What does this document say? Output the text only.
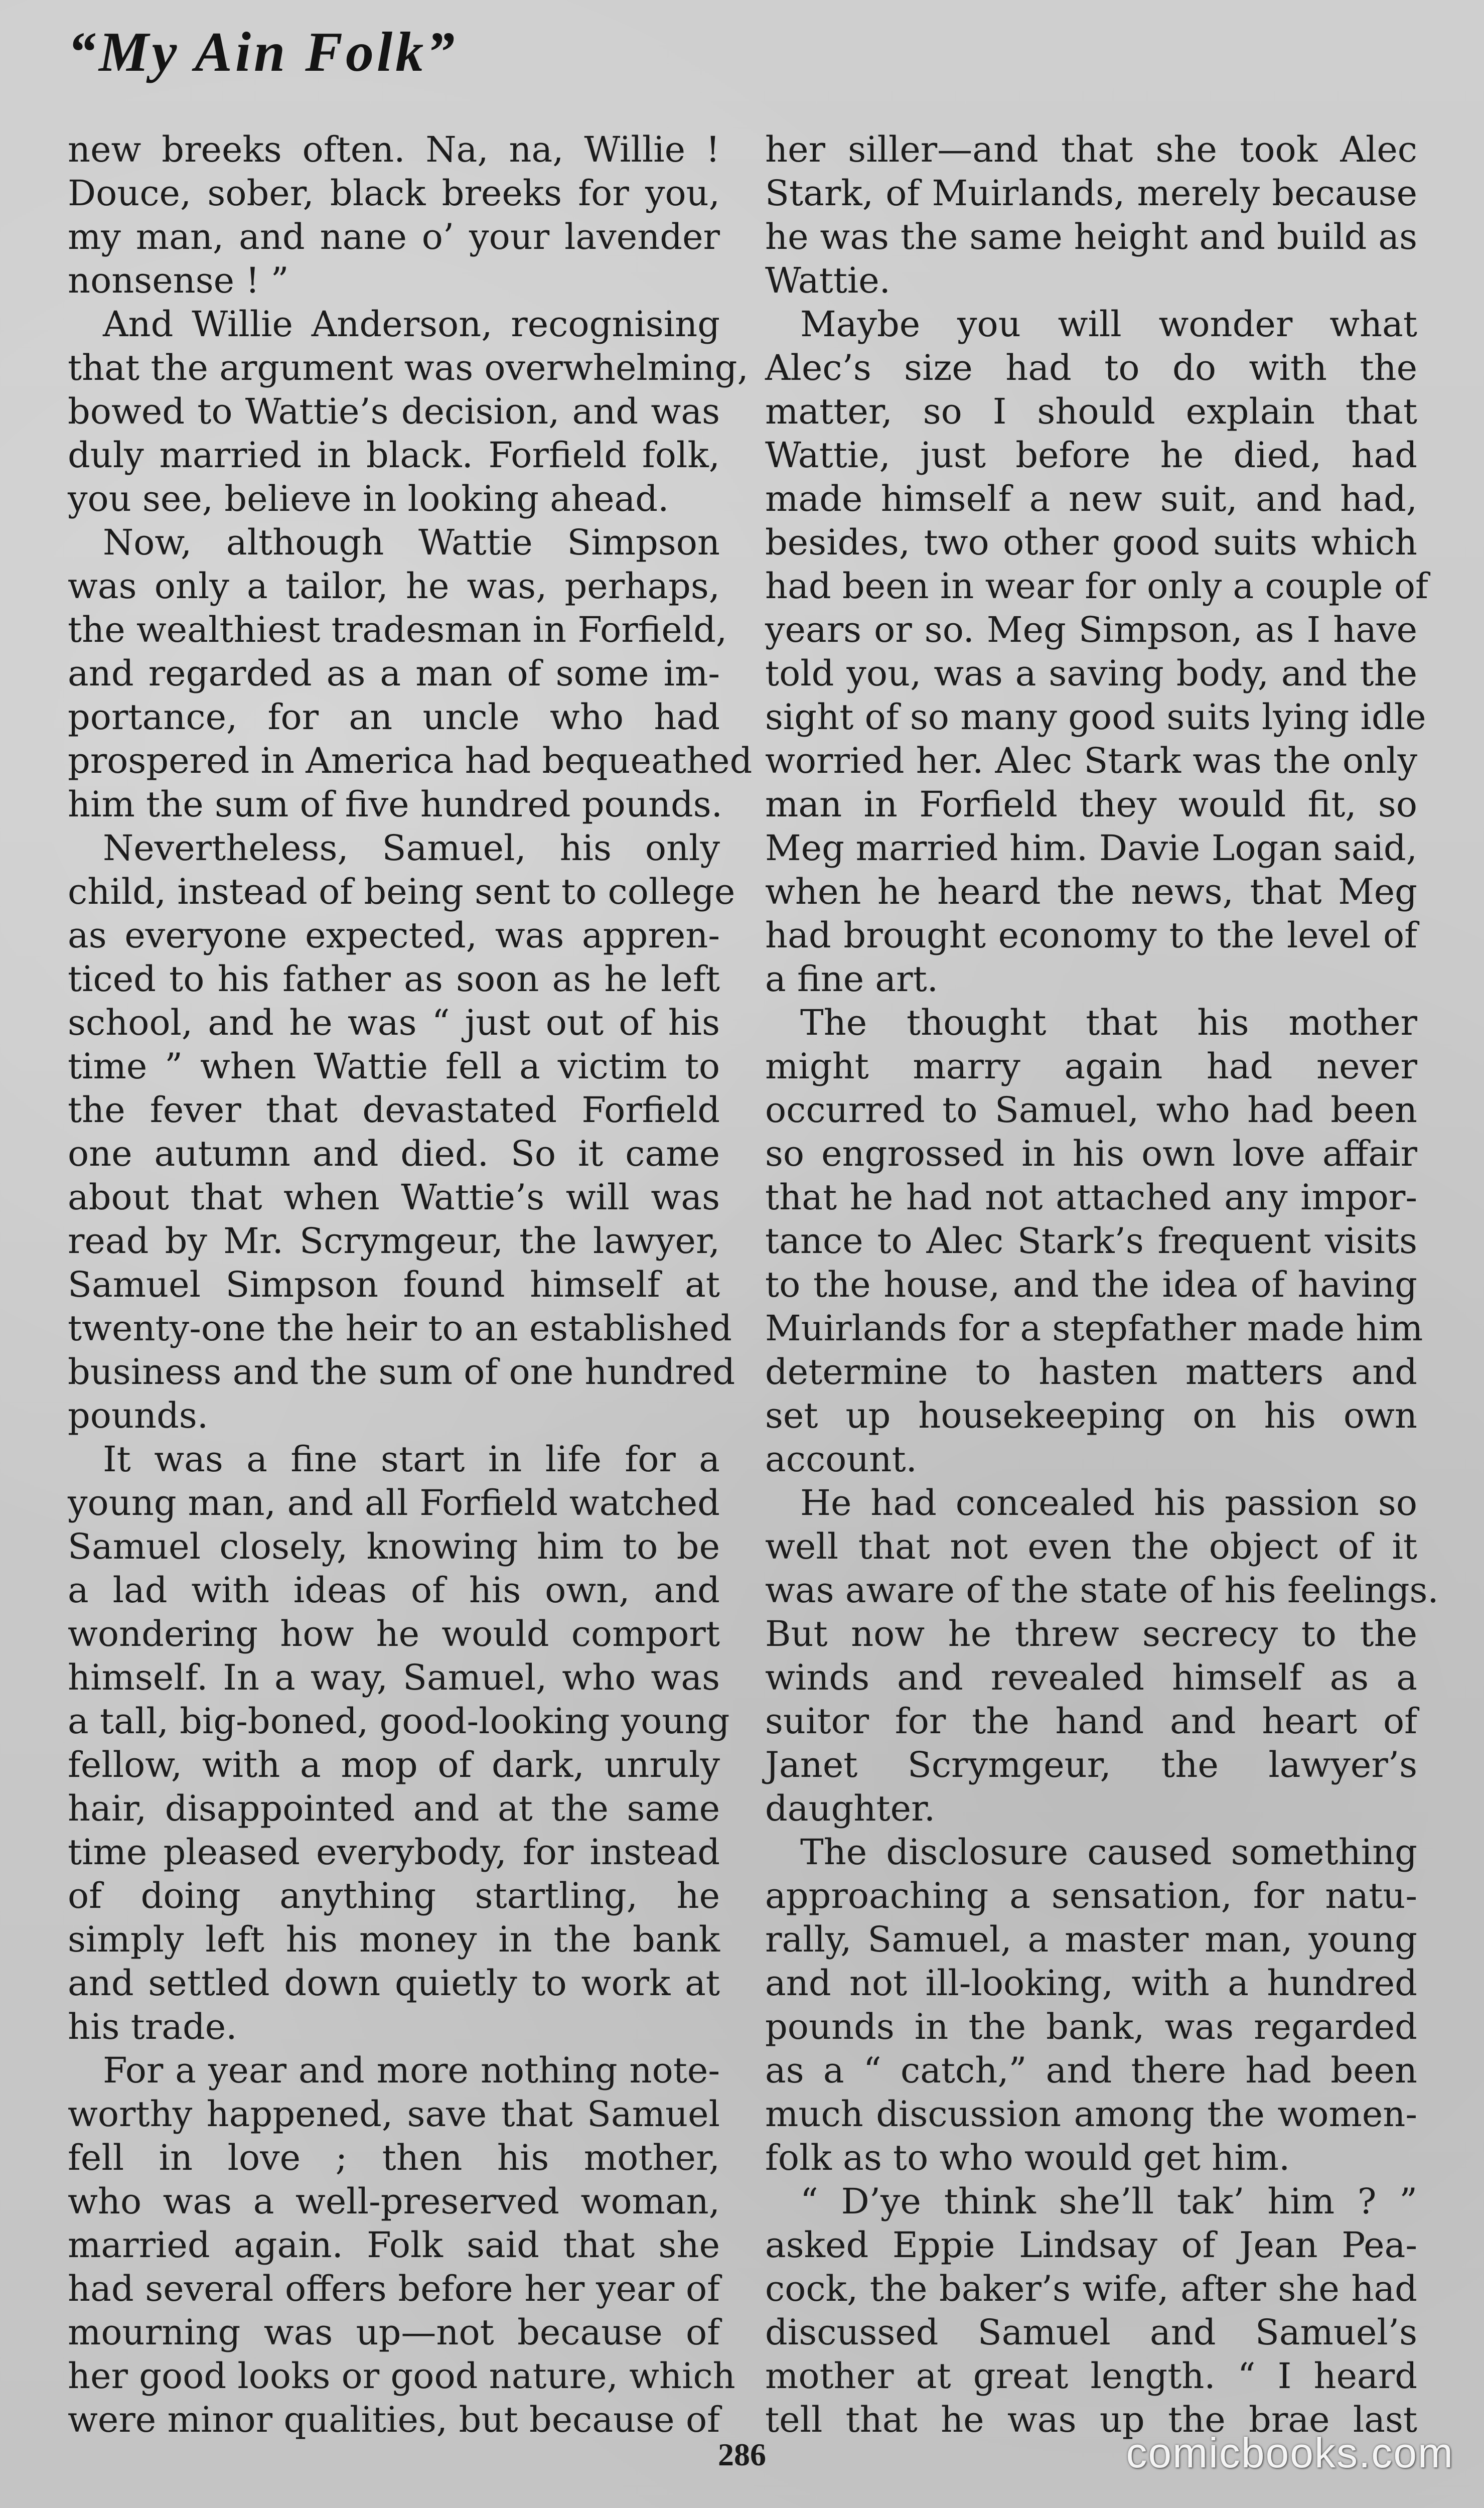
“My Ain Folk”
new breeks often. Na, na, Willie !
Douce, sober, black breeks for you,
my man, and nane o’ your lavender
nonsense ! ”
 And Willie Anderson, recognising
that the argument was overwhelming,
bowed to Wattie’s decision, and was
duly married in black. Forfield folk,
you see, believe in looking ahead.
 Now, although Wattie Simpson
was only a tailor, he was, perhaps,
the wealthiest tradesman in Forfield,
and regarded as a man of some im-
portance, for an uncle who had
prospered in America had bequeathed
him the sum of five hundred pounds.
 Nevertheless, Samuel, his only
child, instead of being sent to college
as everyone expected, was appren-
ticed to his father as soon as he left
school, and he was “ just out of his
time ” when Wattie fell a victim to
the fever that devastated Forfield
one autumn and died. So it came
about that when Wattie’s will was
read by Mr. Scrymgeur, the lawyer,
Samuel Simpson found himself at
twenty-one the heir to an established
business and the sum of one hundred
pounds.
 It was a fine start in life for a
young man, and all Forfield watched
Samuel closely, knowing him to be
a lad with ideas of his own, and
wondering how he would comport
himself. In a way, Samuel, who was
a tall, big-boned, good-looking young
fellow, with a mop of dark, unruly
hair, disappointed and at the same
time pleased everybody, for instead
of doing anything startling, he
simply left his money in the bank
and settled down quietly to work at
his trade.
 For a year and more nothing note-
worthy happened, save that Samuel
fell in love ; then his mother,
who was a well-preserved woman,
married again. Folk said that she
had several offers before her year of
mourning was up—not because of
her good looks or good nature, which
were minor qualities, but because of
her siller—and that she took Alec
Stark, of Muirlands, merely because
he was the same height and build as
Wattie.
 Maybe you will wonder what
Alec’s size had to do with the
matter, so I should explain that
Wattie, just before he died, had
made himself a new suit, and had,
besides, two other good suits which
had been in wear for only a couple of
years or so. Meg Simpson, as I have
told you, was a saving body, and the
sight of so many good suits lying idle
worried her. Alec Stark was the only
man in Forfield they would fit, so
Meg married him. Davie Logan said,
when he heard the news, that Meg
had brought economy to the level of
a fine art.
 The thought that his mother
might marry again had never
occurred to Samuel, who had been
so engrossed in his own love affair
that he had not attached any impor-
tance to Alec Stark’s frequent visits
to the house, and the idea of having
Muirlands for a stepfather made him
determine to hasten matters and
set up housekeeping on his own
account.
 He had concealed his passion so
well that not even the object of it
was aware of the state of his feelings.
But now he threw secrecy to the
winds and revealed himself as a
suitor for the hand and heart of
Janet Scrymgeur, the lawyer’s
daughter.
 The disclosure caused something
approaching a sensation, for natu-
rally, Samuel, a master man, young
and not ill-looking, with a hundred
pounds in the bank, was regarded
as a “ catch,” and there had been
much discussion among the women-
folk as to who would get him.
 “ D’ye think she’ll tak’ him ? ”
asked Eppie Lindsay of Jean Pea-
cock, the baker’s wife, after she had
discussed Samuel and Samuel’s
mother at great length. “ I heard
tell that he was up the brae last
286	comicbooks.com
